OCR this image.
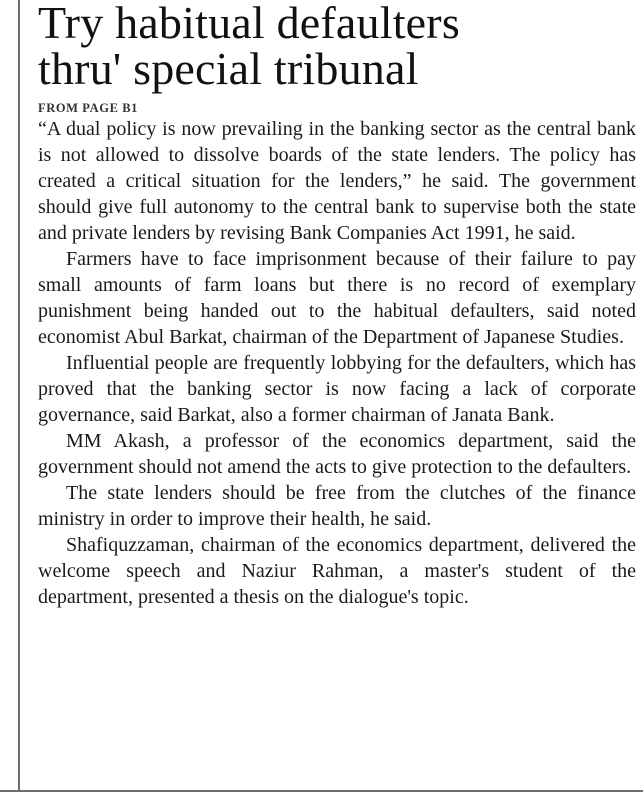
Try habitual defaulters
thru' special tribunal
FROM PAGE B1

“A dual policy is now prevailing in the banking sector as the central bank is not allowed to dissolve boards of the state lenders. The policy has created a critical situation for the lenders,” he said. The government should give full autonomy to the central bank to supervise both the state and private lenders by revising Bank Companies Act 1991, he said.

Farmers have to face imprisonment because of their failure to pay small amounts of farm loans but there is no record of exemplary punishment being handed out to the habitual defaulters, said noted economist Abul Barkat, chairman of the Department of Japanese Studies.

Influential people are frequently lobbying for the defaulters, which has proved that the banking sector is now facing a lack of corporate governance, said Barkat, also a former chairman of Janata Bank.

MM Akash, a professor of the economics department, said the government should not amend the acts to give protection to the defaulters.

The state lenders should be free from the clutches of the finance ministry in order to improve their health, he said.

Shafiquzzaman, chairman of the economics departmen​t, delivered the welcome speech and Naziur Rahman, a master's student of the department, presented a thesis on the dialogue's topic.
